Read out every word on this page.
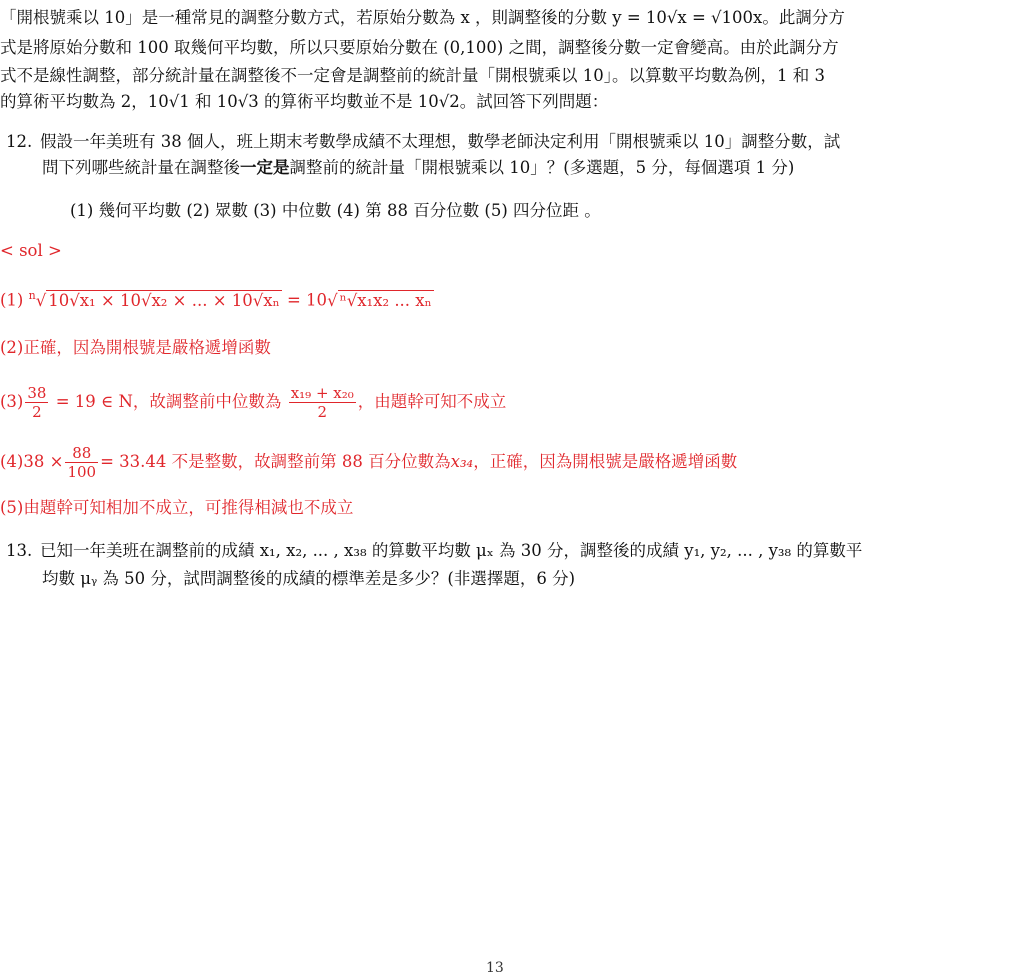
「開根號乘以 10」是一種常見的調整分數方式，若原始分數為 x ，則調整後的分數 y = 10√x = √100x。此調分方
式是將原始分數和 100 取幾何平均數，所以只要原始分數在 (0,100) 之間，調整後分數一定會變高。由於此調分方
式不是線性調整，部分統計量在調整後不一定會是調整前的統計量「開根號乘以 10」。以算數平均數為例，1 和 3
的算術平均數為 2，10√1 和 10√3 的算術平均數並不是 10√2。試回答下列問題：
12. 假設一年美班有 38 個人，班上期末考數學成績不太理想，數學老師決定利用「開根號乘以 10」調整分數，試
問下列哪些統計量在調整後一定是調整前的統計量「開根號乘以 10」？(多選題，5 分，每個選項 1 分)
(1) 幾何平均數 (2) 眾數 (3) 中位數 (4) 第 88 百分位數 (5) 四分位距 。
< sol >
(1) $^n$√ 10√x₁ × 10√x₂ × ... × 10√xₙ = 10√ ⁿ√x₁x₂ ... xₙ
(2)正確，因為開根號是嚴格遞增函數
$(3) \frac{38}{2} = 19$ ∈ N，故調整前中位數為 $\frac{\text{x₁₉ + x₂₀}}{2}$ ，由題幹可知不成立
$(4)38 \times \frac{88}{100} = 33.44$ 不是整數，故調整前第 88 百分位數為x₃₄，正確，因為開根號是嚴格遞增函數
(5)由題幹可知相加不成立，可推得相減也不成立
13. 已知一年美班在調整前的成績 x₁, x₂, ... , x₃₈ 的算數平均數 μₓ 為 30 分，調整後的成績 y₁, y₂, ... , y₃₈ 的算數平
均數 μᵧ 為 50 分，試問調整後的成績的標準差是多少？(非選擇題，6 分)
13
